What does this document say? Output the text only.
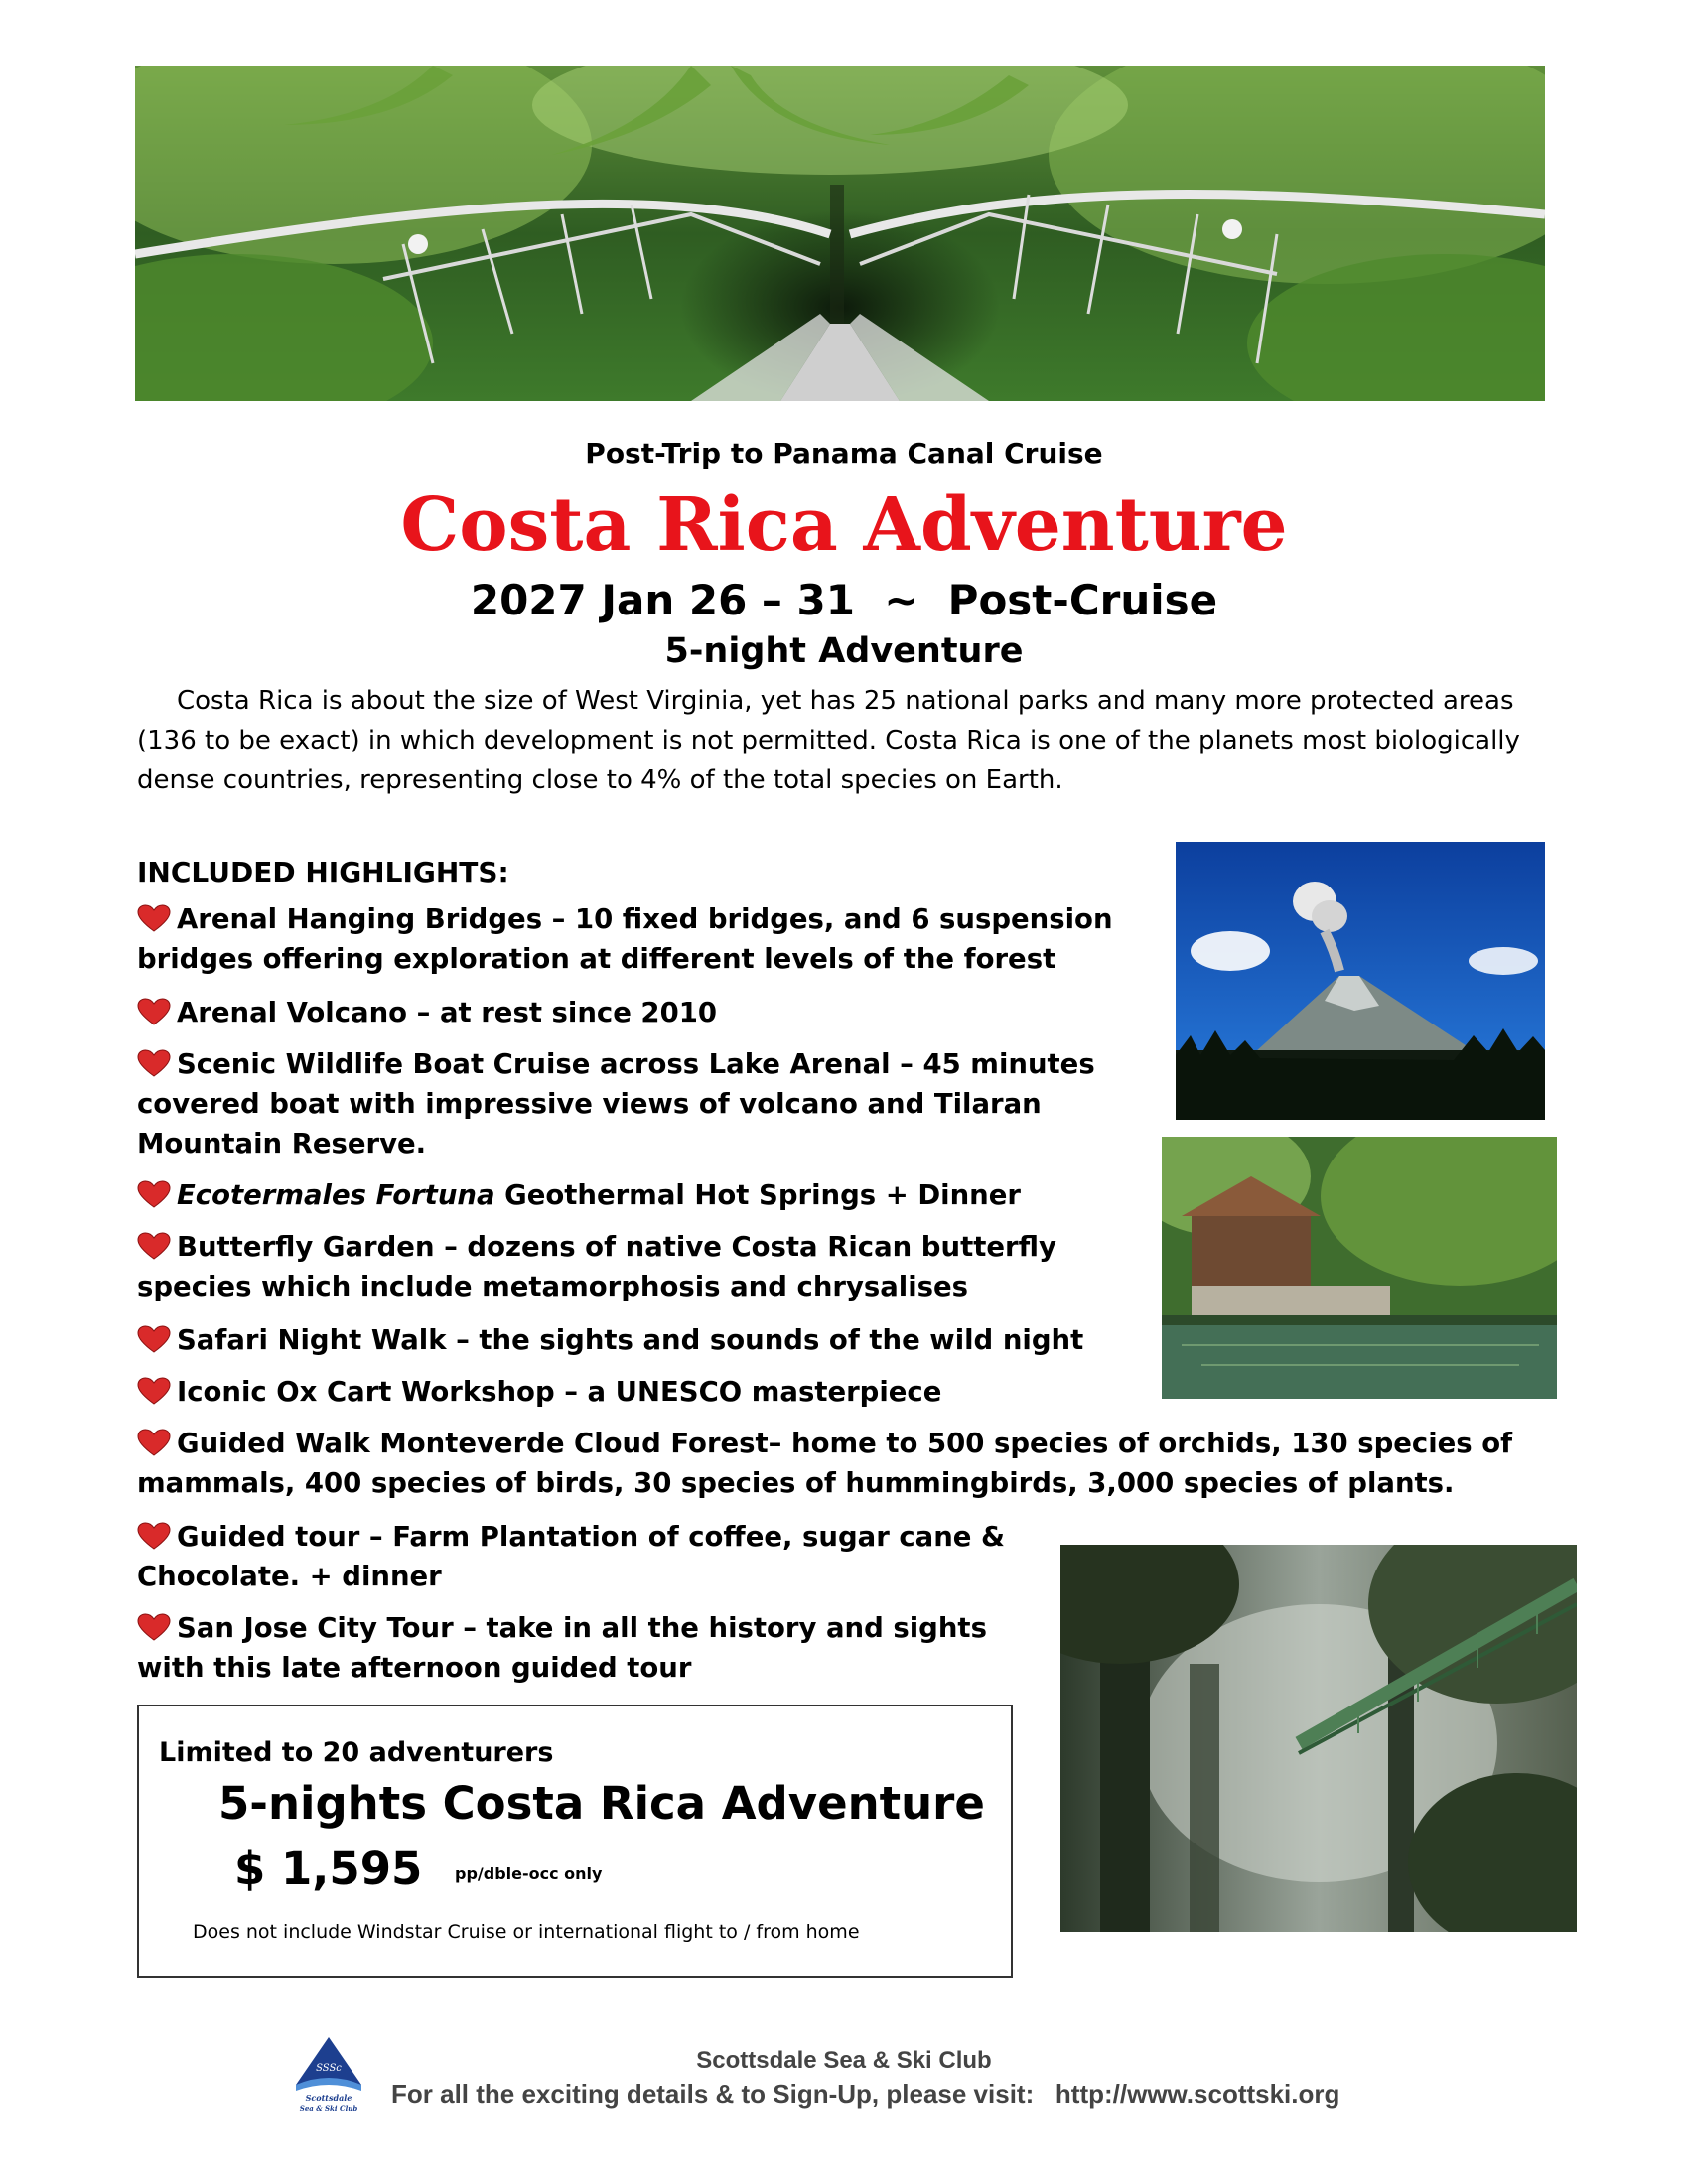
Post-Trip to Panama Canal Cruise
Costa Rica Adventure
2027 Jan 26 – 31  ~  Post-Cruise
5-night Adventure
Costa Rica is about the size of West Virginia, yet has 25 national parks and many more protected areas (136 to be exact) in which development is not permitted. Costa Rica is one of the planets most biologically dense countries, representing close to 4% of the total species on Earth.
INCLUDED HIGHLIGHTS:
Arenal Hanging Bridges – 10 fixed bridges, and 6 suspension
bridges offering exploration at different levels of the forest
Arenal Volcano – at rest since 2010
Scenic Wildlife Boat Cruise across Lake Arenal – 45 minutes
covered boat with impressive views of volcano and Tilaran
Mountain Reserve.
Ecotermales Fortuna Geothermal Hot Springs + Dinner
Butterfly Garden – dozens of native Costa Rican butterfly
species which include metamorphosis and chrysalises
Safari Night Walk – the sights and sounds of the wild night
Iconic Ox Cart Workshop – a UNESCO masterpiece
Guided Walk Monteverde Cloud Forest– home to 500 species of orchids, 130 species of
mammals, 400 species of birds, 30 species of hummingbirds, 3,000 species of plants.
Guided tour – Farm Plantation of coffee, sugar cane &
Chocolate. + dinner
San Jose City Tour – take in all the history and sights
with this late afternoon guided tour
Limited to 20 adventurers
5-nights Costa Rica Adventure
$ 1,595 pp/dble-occ only
Does not include Windstar Cruise or international flight to / from home
SSSc
Scottsdale
Sea & Ski Club
Scottsdale Sea & Ski Club
For all the exciting details & to Sign-Up, please visit:   http://www.scottski.org
